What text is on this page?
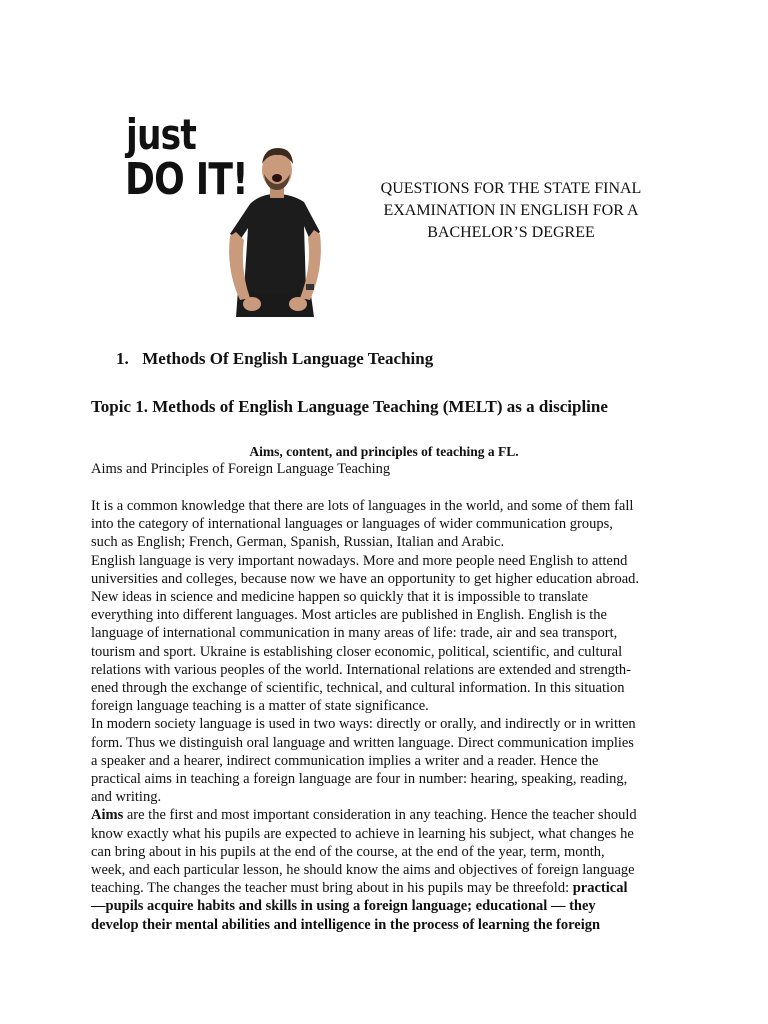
just
DO IT!	QUESTIONS FOR THE STATE FINAL
EXAMINATION IN ENGLISH FOR A
BACHELOR’S DEGREE
1. Methods Of English Language Teaching
Topic 1. Methods of English Language Teaching (MELT) as a discipline
Aims, content, and principles of teaching a FL.
Aims and Principles of Foreign Language Teaching
It is a common knowledge that there are lots of languages in the world, and some of them fall
into the category of international languages or languages of wider communication groups,
such as English; French, German, Spanish, Russian, Italian and Arabic.
English language is very important nowadays. More and more people need English to attend
universities and colleges, because now we have an opportunity to get higher education abroad.
New ideas in science and medicine happen so quickly that it is impossible to translate
everything into different languages. Most articles are published in English. English is the
language of international communication in many areas of life: trade, air and sea transport,
tourism and sport. Ukraine is establishing closer economic, political, scientific, and cultural
relations with various peoples of the world. International relations are extended and strength-
ened through the exchange of scientific, technical, and cultural information. In this situation
foreign language teaching is a matter of state significance.
In modern society language is used in two ways: directly or orally, and indirectly or in written
form. Thus we distinguish oral language and written language. Direct communication implies
a speaker and a hearer, indirect communication implies a writer and a reader. Hence the
practical aims in teaching a foreign language are four in number: hearing, speaking, reading,
and writing.
Aims are the first and most important consideration in any teaching. Hence the teacher should
know exactly what his pupils are expected to achieve in learning his subject, what changes he
can bring about in his pupils at the end of the course, at the end of the year, term, month,
week, and each particular lesson, he should know the aims and objectives of foreign language
teaching. The changes the teacher must bring about in his pupils may be threefold: practical
—pupils acquire habits and skills in using a foreign language; educational — they
develop their mental abilities and intelligence in the process of learning the foreign
